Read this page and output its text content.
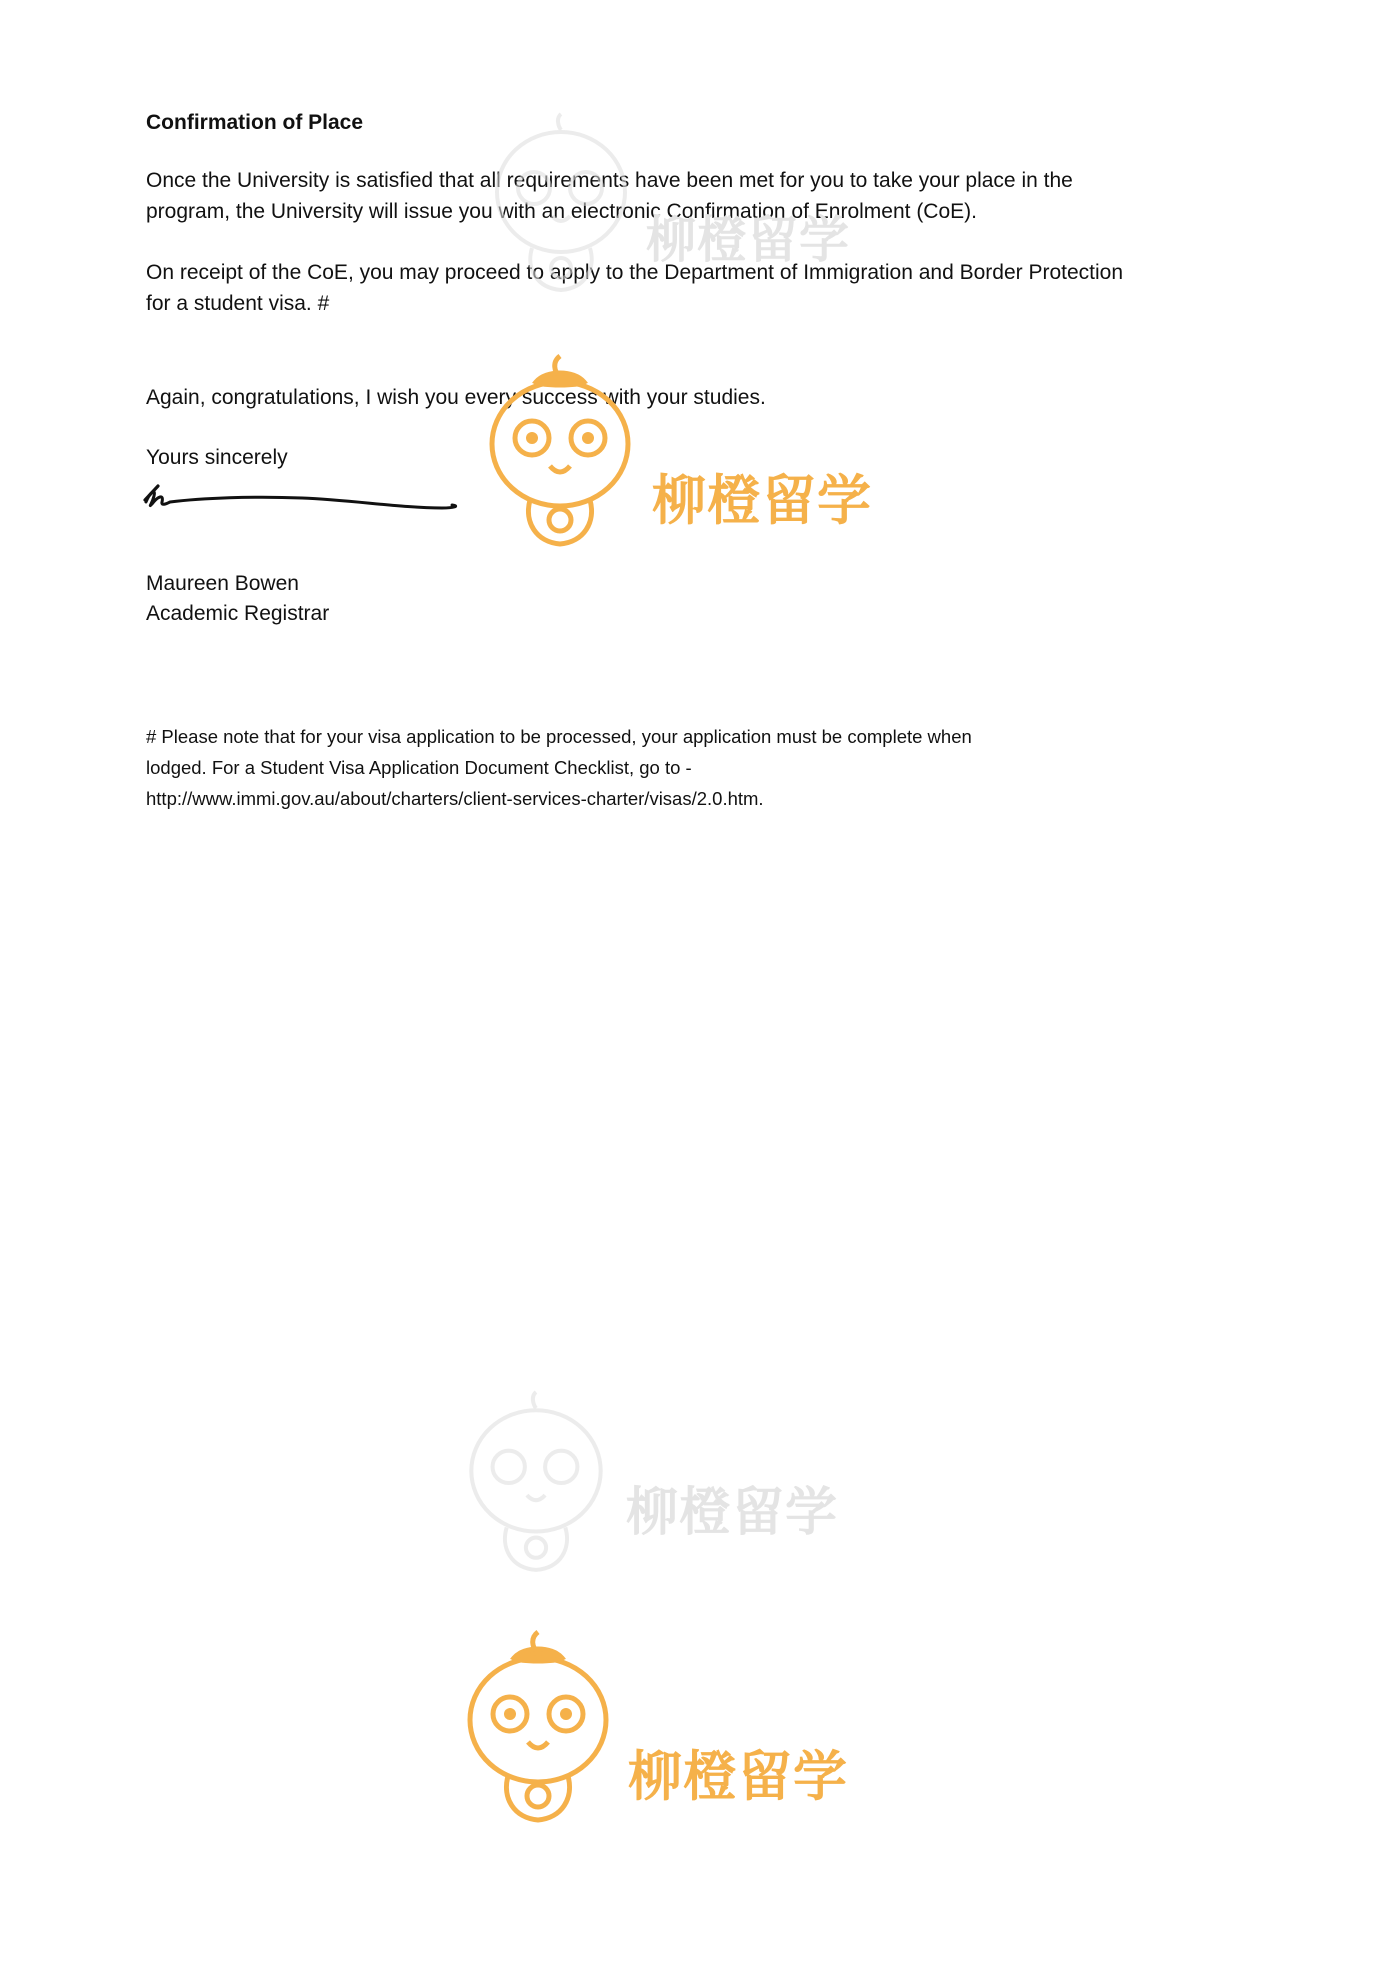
Confirmation of Place

Once the University is satisfied that all requirements have been met for you to take your place in the
program, the University will issue you with an electronic Confirmation of Enrolment (CoE).

On receipt of the CoE, you may proceed to apply to the Department of Immigration and Border Protection
for a student visa. #

Again, congratulations, I wish you every success with your studies.

Yours sincerely

Maureen Bowen

Academic Registrar

# Please note that for your visa application to be processed, your application must be complete when
lodged. For a Student Visa Application Document Checklist, go to -
http://www.immi.gov.au/about/charters/client-services-charter/visas/2.0.htm.

柳橙留学
柳橙留学
柳橙留学
柳橙留学
